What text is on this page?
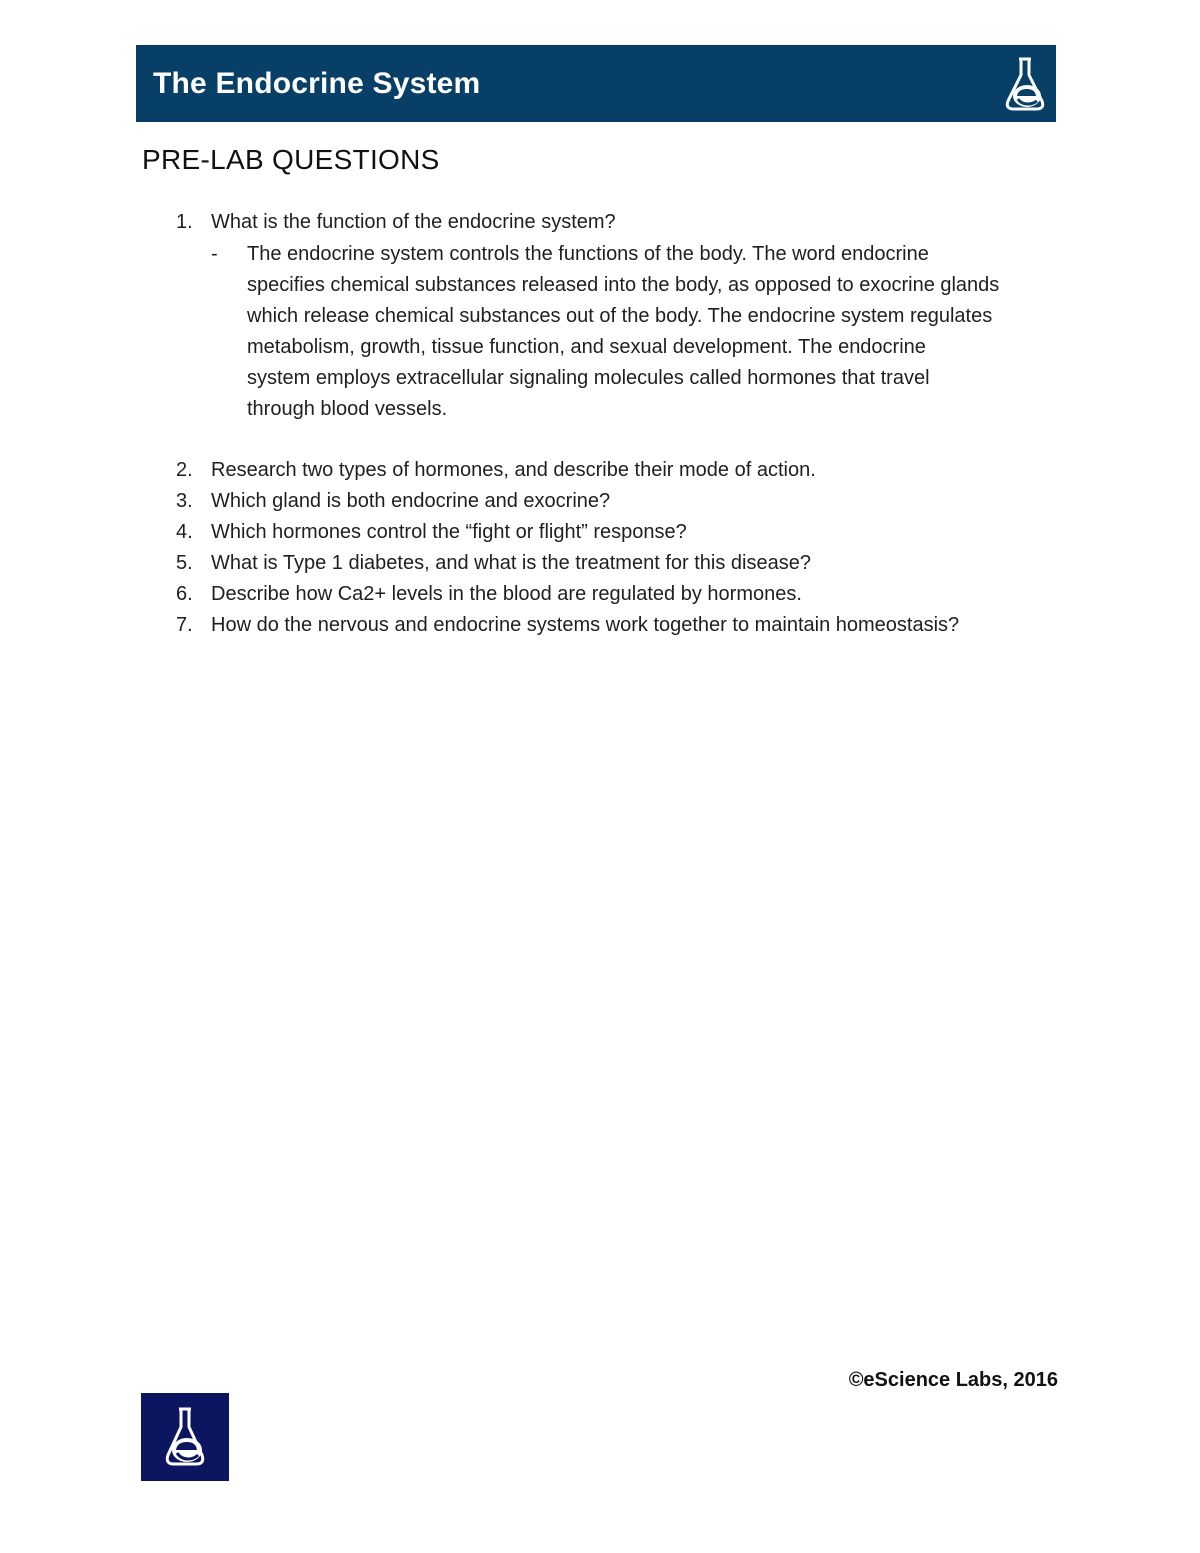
The Endocrine System
PRE-LAB QUESTIONS
1. What is the function of the endocrine system?
- The endocrine system controls the functions of the body. The word endocrine
specifies chemical substances released into the body, as opposed to exocrine glands
which release chemical substances out of the body. The endocrine system regulates
metabolism, growth, tissue function, and sexual development. The endocrine
system employs extracellular signaling molecules called hormones that travel
through blood vessels.
2. Research two types of hormones, and describe their mode of action.
3. Which gland is both endocrine and exocrine?
4. Which hormones control the “fight or flight” response?
5. What is Type 1 diabetes, and what is the treatment for this disease?
6. Describe how Ca2+ levels in the blood are regulated by hormones.
7. How do the nervous and endocrine systems work together to maintain homeostasis?
©eScience Labs, 2016
